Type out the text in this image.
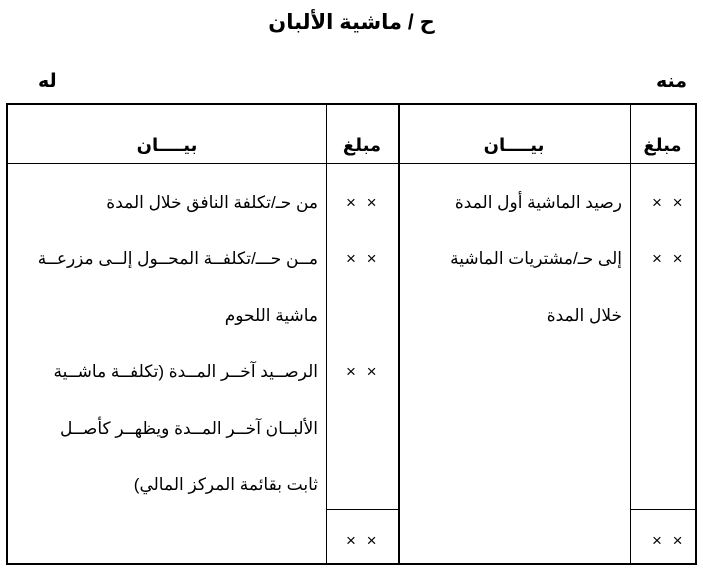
ح / ماشية الألبان
منه
له
مبلغ
بيــــان
مبلغ
بيــــان
× ×
× ×
× ×
رصيد الماشية أول المدة
إلى حـ/مشتريات الماشية
خلال المدة
× ×
× ×
× ×
× ×
من حـ/تكلفة النافق خلال المدة
مــن حـــ/تكلفــة المحــول إلــى مزرعــة
ماشية اللحوم
الرصــيد آخــر المــدة (تكلفــة ماشــية
الألبــان آخــر المــدة ويظهــر كأصــل
ثابت بقائمة المركز المالي)
